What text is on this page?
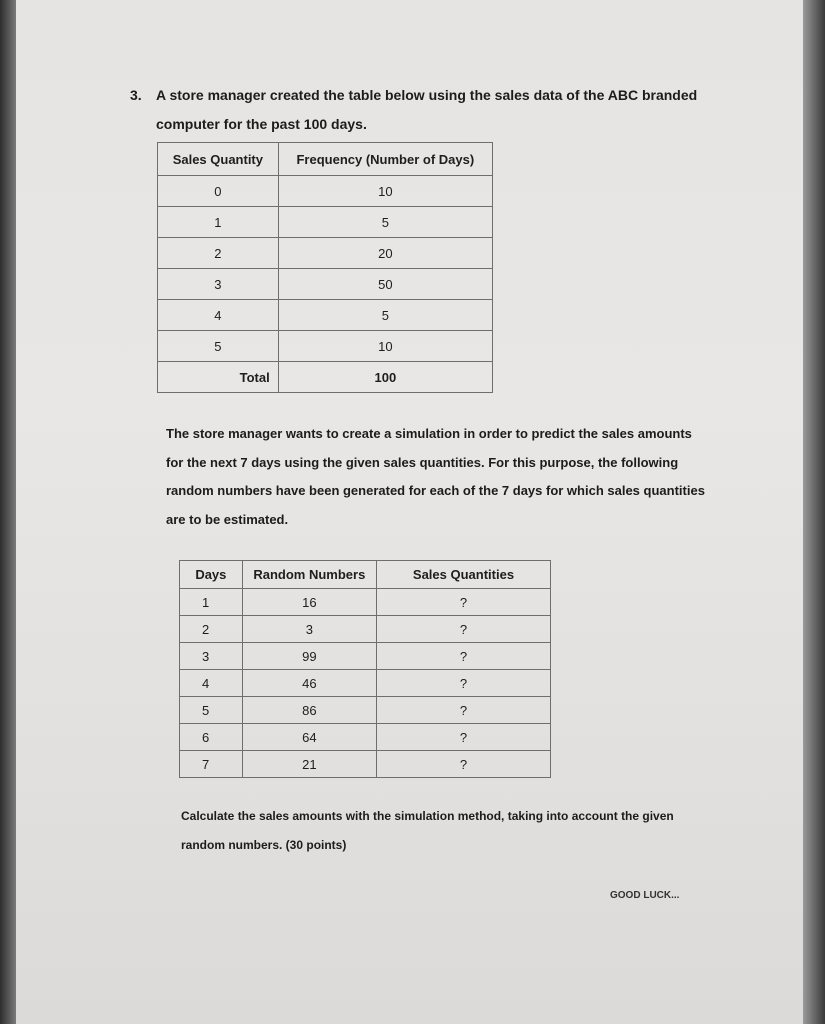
3. A store manager created the table below using the sales data of the ABC branded
computer for the past 100 days.
Sales Quantity	Frequency (Number of Days)
0	10
1	5
2	20
3	50
4	5
5	10
Total	100
The store manager wants to create a simulation in order to predict the sales amounts
for the next 7 days using the given sales quantities. For this purpose, the following
random numbers have been generated for each of the 7 days for which sales quantities
are to be estimated.
Days	Random Numbers	Sales Quantities
1	16	?
2	3	?
3	99	?
4	46	?
5	86	?
6	64	?
7	21	?
Calculate the sales amounts with the simulation method, taking into account the given
random numbers. (30 points)
GOOD LUCK...
